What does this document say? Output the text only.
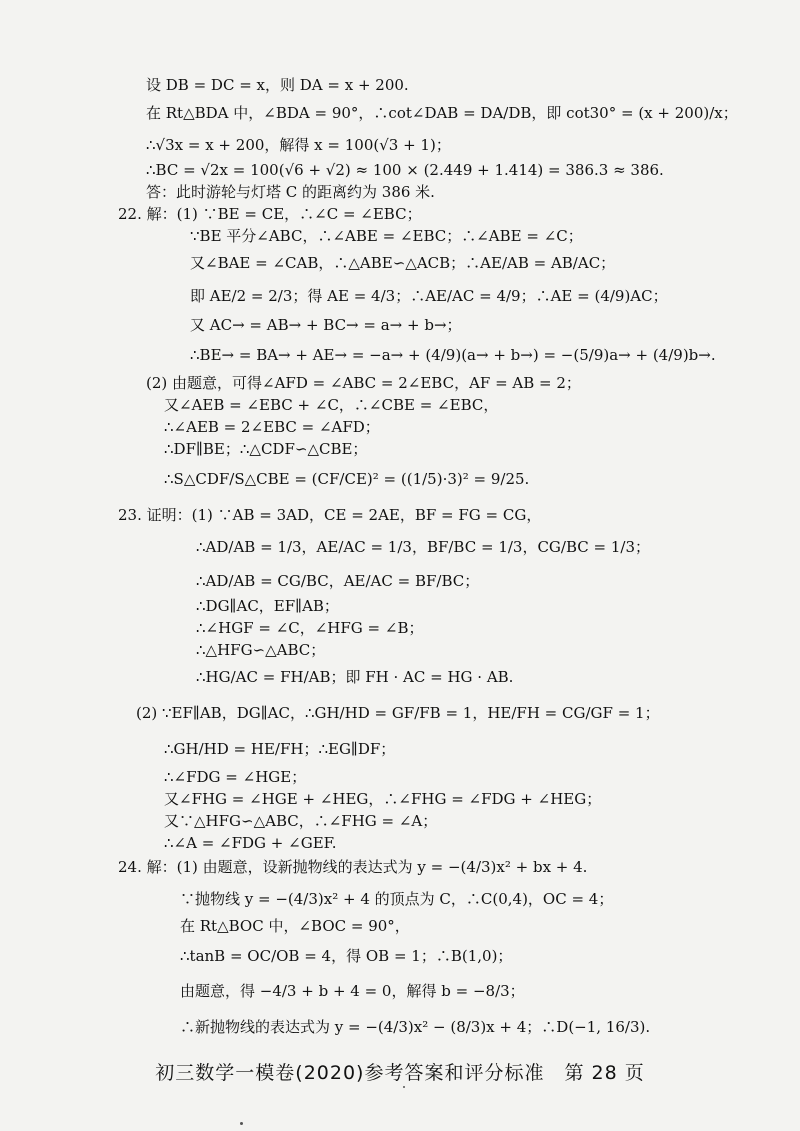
设 DB = DC = x，则 DA = x + 200.
在 Rt△BDA 中，∠BDA = 90°，∴cot∠DAB = DA/DB，即 cot30° = (x + 200)/x；
∴√3x = x + 200，解得 x = 100(√3 + 1)；
∴BC = √2x = 100(√6 + √2) ≈ 100 × (2.449 + 1.414) = 386.3 ≈ 386.
答：此时游轮与灯塔 C 的距离约为 386 米.
22. 解：(1) ∵BE = CE，∴∠C = ∠EBC；
∵BE 平分∠ABC，∴∠ABE = ∠EBC；∴∠ABE = ∠C；
又∠BAE = ∠CAB，∴△ABE∽△ACB；∴AE/AB = AB/AC；
即 AE/2 = 2/3；得 AE = 4/3；∴AE/AC = 4/9；∴AE = (4/9)AC；
又 AC→ = AB→ + BC→ = a→ + b→；
∴BE→ = BA→ + AE→ = −a→ + (4/9)(a→ + b→) = −(5/9)a→ + (4/9)b→.
(2) 由题意，可得∠AFD = ∠ABC = 2∠EBC，AF = AB = 2；
又∠AEB = ∠EBC + ∠C，∴∠CBE = ∠EBC，
∴∠AEB = 2∠EBC = ∠AFD；
∴DF∥BE；∴△CDF∽△CBE；
∴S△CDF/S△CBE = (CF/CE)² = ((1/5)·3)² = 9/25.
23. 证明：(1) ∵AB = 3AD，CE = 2AE，BF = FG = CG，
∴AD/AB = 1/3，AE/AC = 1/3，BF/BC = 1/3，CG/BC = 1/3；
∴AD/AB = CG/BC，AE/AC = BF/BC；
∴DG∥AC，EF∥AB；
∴∠HGF = ∠C，∠HFG = ∠B；
∴△HFG∽△ABC；
∴HG/AC = FH/AB；即 FH · AC = HG · AB.
(2) ∵EF∥AB，DG∥AC，∴GH/HD = GF/FB = 1，HE/FH = CG/GF = 1；
∴GH/HD = HE/FH；∴EG∥DF；
∴∠FDG = ∠HGE；
又∠FHG = ∠HGE + ∠HEG，∴∠FHG = ∠FDG + ∠HEG；
又∵△HFG∽△ABC，∴∠FHG = ∠A；
∴∠A = ∠FDG + ∠GEF.
24. 解：(1) 由题意，设新抛物线的表达式为 y = −(4/3)x² + bx + 4.
∵抛物线 y = −(4/3)x² + 4 的顶点为 C，∴C(0,4)，OC = 4；
在 Rt△BOC 中，∠BOC = 90°，
∴tanB = OC/OB = 4，得 OB = 1；∴B(1,0)；
由题意，得 −4/3 + b + 4 = 0，解得 b = −8/3；
∴新抛物线的表达式为 y = −(4/3)x² − (8/3)x + 4；∴D(−1, 16/3).
初三数学一模卷(2020)参考答案和评分标准　第 28 页
